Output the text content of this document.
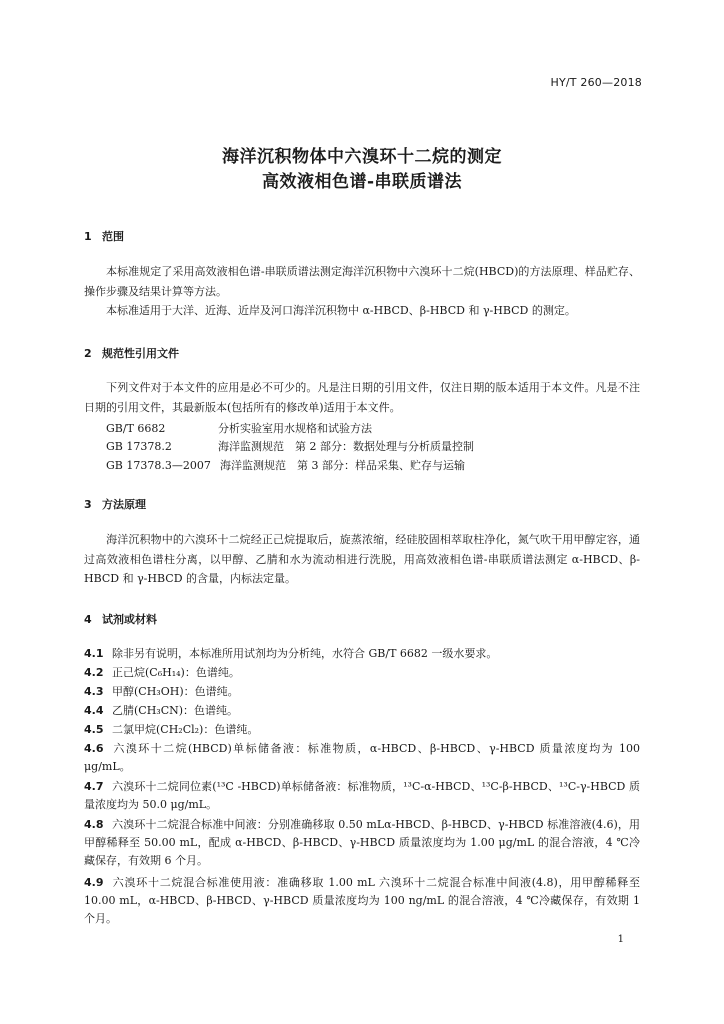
HY/T 260—2018
海洋沉积物体中六溴环十二烷的测定
高效液相色谱-串联质谱法
1 范围
本标准规定了采用高效液相色谱-串联质谱法测定海洋沉积物中六溴环十二烷(HBCD)的方法原理、样品贮存、操作步骤及结果计算等方法。
本标准适用于大洋、近海、近岸及河口海洋沉积物中 α-HBCD、β-HBCD 和 γ-HBCD 的测定。
2 规范性引用文件
下列文件对于本文件的应用是必不可少的。凡是注日期的引用文件，仅注日期的版本适用于本文件。凡是不注日期的引用文件，其最新版本(包括所有的修改单)适用于本文件。
GB/T 6682	分析实验室用水规格和试验方法
GB 17378.2	海洋监测规范　第 2 部分：数据处理与分析质量控制
GB 17378.3—2007 海洋监测规范　第 3 部分：样品采集、贮存与运输
3 方法原理
海洋沉积物中的六溴环十二烷经正己烷提取后，旋蒸浓缩，经硅胶固相萃取柱净化，氮气吹干用甲醇定容，通过高效液相色谱柱分离，以甲醇、乙腈和水为流动相进行洗脱，用高效液相色谱-串联质谱法测定 α-HBCD、β-HBCD 和 γ-HBCD 的含量，内标法定量。
4 试剂或材料
4.1 除非另有说明，本标准所用试剂均为分析纯，水符合 GB/T 6682 一级水要求。
4.2 正己烷(C₆H₁₄)：色谱纯。
4.3 甲醇(CH₃OH)：色谱纯。
4.4 乙腈(CH₃CN)：色谱纯。
4.5 二氯甲烷(CH₂Cl₂)：色谱纯。
4.6 六溴环十二烷(HBCD)单标储备液：标准物质，α-HBCD、β-HBCD、γ-HBCD 质量浓度均为 100 μg/mL。
4.7 六溴环十二烷同位素(¹³C -HBCD)单标储备液：标准物质，¹³C-α-HBCD、¹³C-β-HBCD、¹³C-γ-HBCD 质量浓度均为 50.0 μg/mL。
4.8 六溴环十二烷混合标准中间液：分别准确移取 0.50 mLα-HBCD、β-HBCD、γ-HBCD 标准溶液(4.6)，用甲醇稀释至 50.00 mL，配成 α-HBCD、β-HBCD、γ-HBCD 质量浓度均为 1.00 μg/mL 的混合溶液，4 ℃冷藏保存，有效期 6 个月。
4.9 六溴环十二烷混合标准使用液：准确移取 1.00 mL 六溴环十二烷混合标准中间液(4.8)，用甲醇稀释至 10.00 mL，α-HBCD、β-HBCD、γ-HBCD 质量浓度均为 100 ng/mL 的混合溶液，4 ℃冷藏保存，有效期 1 个月。
1
